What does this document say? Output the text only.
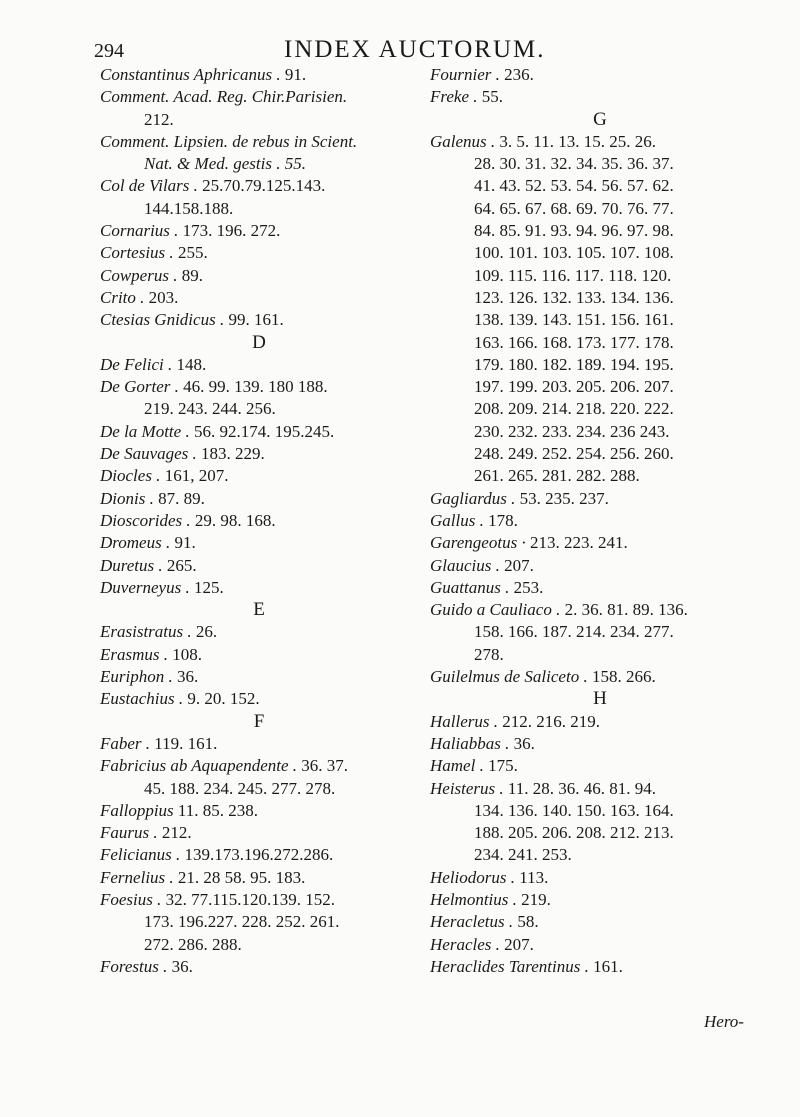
294	INDEX AUCTORUM.
Constantinus Aphricanus . 91.
Comment. Acad. Reg. Chir.Parisien.
212.
Comment. Lipsien. de rebus in Scient.
Nat. & Med. gestis . 55.
Col de Vilars . 25.70.79.125.143.
144.158.188.
Cornarius . 173. 196. 272.
Cortesius . 255.
Cowperus . 89.
Crito . 203.
Ctesias Gnidicus . 99. 161.
D
De Felici . 148.
De Gorter . 46. 99. 139. 180 188.
219. 243. 244. 256.
De la Motte . 56. 92.174. 195.245.
De Sauvages . 183. 229.
Diocles . 161, 207.
Dionis . 87. 89.
Dioscorides . 29. 98. 168.
Dromeus . 91.
Duretus . 265.
Duverneyus . 125.
E
Erasistratus . 26.
Erasmus . 108.
Euriphon . 36.
Eustachius . 9. 20. 152.
F
Faber . 119. 161.
Fabricius ab Aquapendente . 36. 37.
45. 188. 234. 245. 277. 278.
Falloppius 11. 85. 238.
Faurus . 212.
Felicianus . 139.173.196.272.286.
Fernelius . 21. 28 58. 95. 183.
Foesius . 32. 77.115.120.139. 152.
173. 196.227. 228. 252. 261.
272. 286. 288.
Forestus . 36.
Fournier . 236.
Freke . 55.
G
Galenus . 3. 5. 11. 13. 15. 25. 26.
28. 30. 31. 32. 34. 35. 36. 37.
41. 43. 52. 53. 54. 56. 57. 62.
64. 65. 67. 68. 69. 70. 76. 77.
84. 85. 91. 93. 94. 96. 97. 98.
100. 101. 103. 105. 107. 108.
109. 115. 116. 117. 118. 120.
123. 126. 132. 133. 134. 136.
138. 139. 143. 151. 156. 161.
163. 166. 168. 173. 177. 178.
179. 180. 182. 189. 194. 195.
197. 199. 203. 205. 206. 207.
208. 209. 214. 218. 220. 222.
230. 232. 233. 234. 236 243.
248. 249. 252. 254. 256. 260.
261. 265. 281. 282. 288.
Gagliardus . 53. 235. 237.
Gallus . 178.
Garengeotus · 213. 223. 241.
Glaucius . 207.
Guattanus . 253.
Guido a Cauliaco . 2. 36. 81. 89. 136.
158. 166. 187. 214. 234. 277.
278.
Guilelmus de Saliceto . 158. 266.
H
Hallerus . 212. 216. 219.
Haliabbas . 36.
Hamel . 175.
Heisterus . 11. 28. 36. 46. 81. 94.
134. 136. 140. 150. 163. 164.
188. 205. 206. 208. 212. 213.
234. 241. 253.
Heliodorus . 113.
Helmontius . 219.
Heracletus . 58.
Heracles . 207.
Heraclides Tarentinus . 161.
Hero-
